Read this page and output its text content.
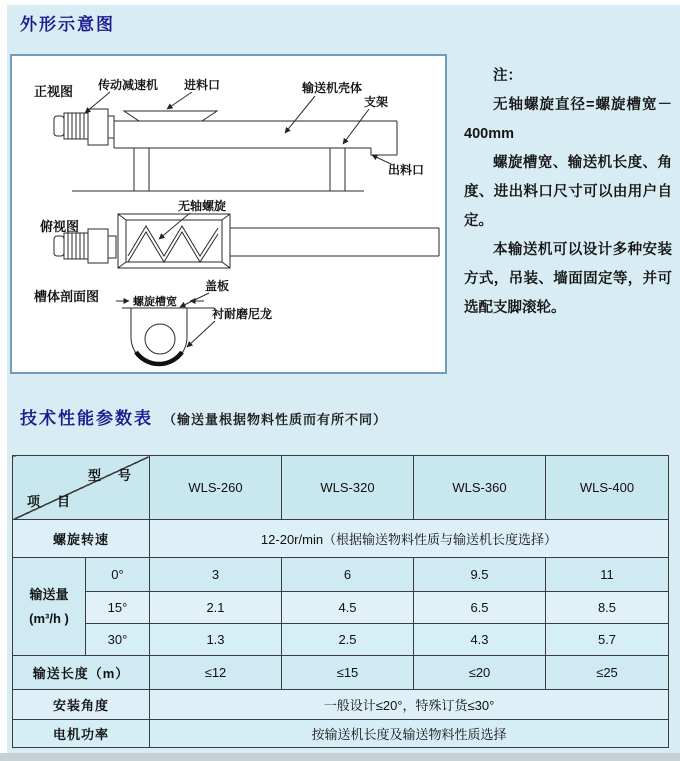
外形示意图
正视图 传动减速机 进料口	输送机壳体
支架
出料口
俯视图
无轴螺旋
槽体剖面图	螺旋槽宽
盖板
衬耐磨尼龙

注：

无轴螺旋直径=螺旋槽宽－400mm

螺旋槽宽、输送机长度、角度、进出料口尺寸可以由用户自定。

本输送机可以设计多种安装方式，吊装、墙面固定等，并可选配支脚滚轮。

技术性能参数表 （输送量根据物料性质而有所不同）
型　号
项　目		WLS-260	WLS-320	WLS-360	WLS-400
螺旋转速		12-20r/min（根据输送物料性质与输送机长度选择）			

输送量
(m³/h )	0°	3	6	9.5	11
	15°	2.1	4.5	6.5	8.5
	30°	1.3	2.5	4.3	5.7
输送长度（m）		≤12	≤15	≤20	≤25
安装角度		一般设计≤20°，特殊订货≤30°			
电机功率		按输送机长度及输送物料性质选择			
